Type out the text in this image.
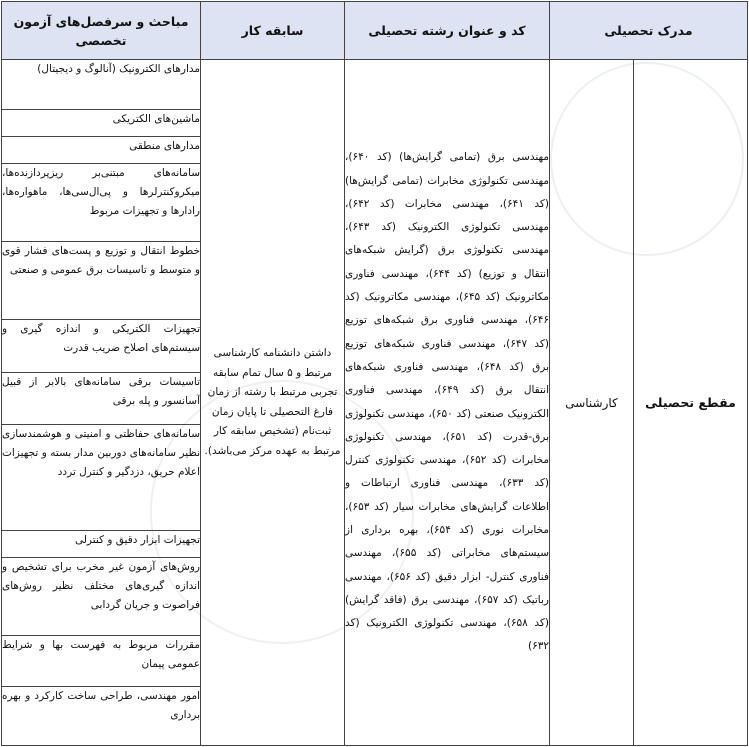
مدرک تحصیلی		کد و عنوان رشته تحصیلی	سابقه کار	مباحث و سرفصل‌های آزمون تخصصی
مقطع تحصیلی	کارشناسی	مهندسی برق (تمامی گرایش‌ها) (کد ۶۴۰)، مهندسی تکنولوژی مخابرات (تمامی گرایش‌ها) (کد ۶۴۱)، مهندسی مخابرات (کد ۶۴۲)، مهندسی تکنولوژی الکترونیک (کد ۶۴۳)، مهندسی تکنولوژی برق (گرایش شبکه‌های انتقال و توزیع) (کد ۶۴۴)، مهندسی فناوری مکاترونیک (کد ۶۴۵)، مهندسی مکاترونیک (کد ۶۴۶)، مهندسی فناوری برق شبکه‌های توزیع (کد ۶۴۷)، مهندسی فناوری شبکه‌های توزیع برق (کد ۶۴۸)، مهندسی فناوری شبکه‌های انتقال برق (کد ۶۴۹)، مهندسی فناوری الکترونیک صنعتی (کد ۶۵۰)، مهندسی تکنولوژی برق-قدرت (کد ۶۵۱)، مهندسی تکنولوژی مخابرات (کد ۶۵۲)، مهندسی تکنولوژی کنترل (کد ۶۳۳)، مهندسی فناوری ارتباطات و اطلاعات گرایش‌های مخابرات سیار (کد ۶۵۳)، مخابرات نوری (کد ۶۵۴)، بهره برداری از سیستم‌های مخابراتی (کد ۶۵۵)، مهندسی فناوری کنترل- ابزار دقیق (کد ۶۵۶)، مهندسی رباتیک (کد ۶۵۷)، مهندسی برق (فاقد گرایش) (کد ۶۵۸)، مهندسی تکنولوژی الکترونیک (کد ۶۳۲)	داشتن دانشنامه کارشناسی مرتبط و ۵ سال تمام سابقه تجربی مرتبط با رشته از زمان فارغ التحصیلی تا پایان زمان ثبت‌نام (تشخیص سابقه کار مرتبط به عهده مرکز می‌باشد).	مدارهای الکترونیک (آنالوگ و دیجیتال)
				ماشین‌های الکتریکی
				مدارهای منطقی
				سامانه‌های مبتنی‌بر ریزپردازنده‌ها، میکروکنترلرها و پی‌ال‌سی‌ها، ماهواره‌ها، رادارها و تجهیزات مربوط
				خطوط انتقال و توزیع و پست‌های فشار قوی و متوسط و تاسیسات برق عمومی و صنعتی
				تجهیزات الکتریکی و اندازه گیری و سیستم‌های اصلاح ضریب قدرت
				تاسیسات برقی سامانه‌های بالابر از قبیل آسانسور و پله برقی
				سامانه‌های حفاظتی و امنیتی و هوشمندسازی نظیر سامانه‌های دوربین مدار بسته و تجهیزات اعلام حریق، دزدگیر و کنترل تردد
				تجهیزات ابزار دقیق و کنترلی
				روش‌های آزمون غیر مخرب برای تشخیص و اندازه گیری‌های مختلف نظیر روش‌های فراصوت و جریان گردابی
				مقررات مربوط به فهرست بها و شرایط عمومی پیمان
				امور مهندسی، طراحی ساخت کارکرد و بهره برداری
